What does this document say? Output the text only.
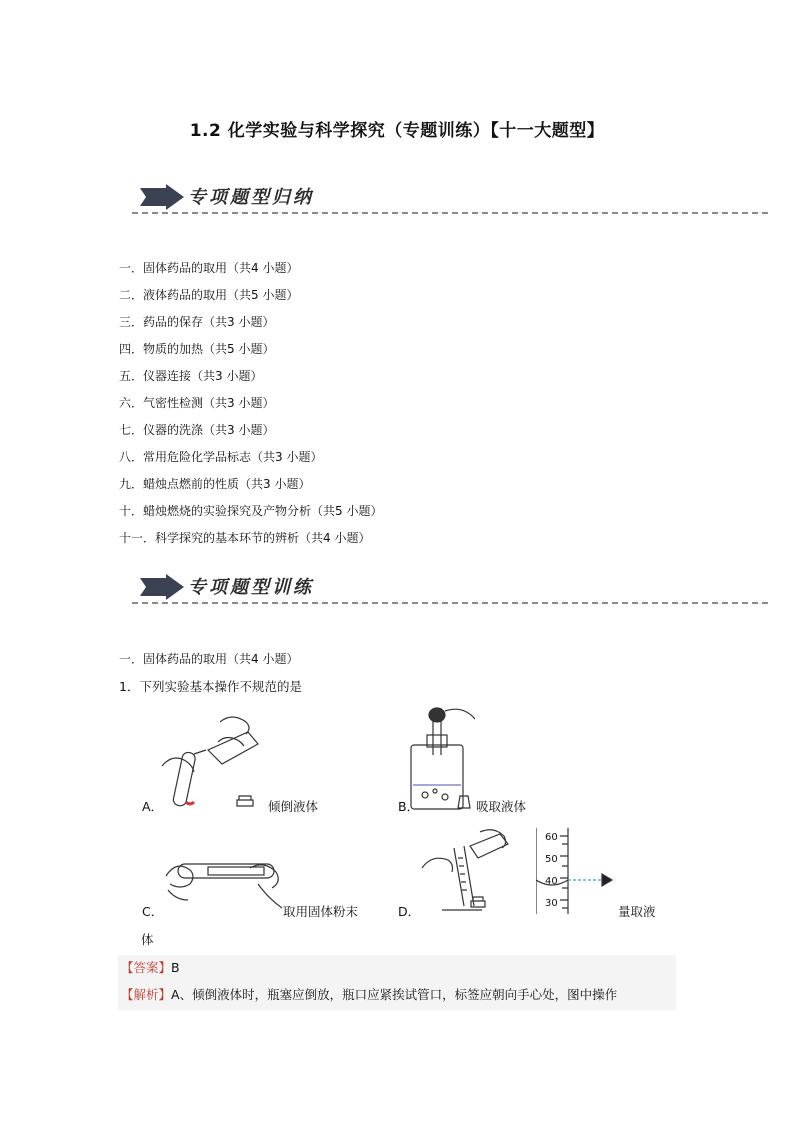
1.2 化学实验与科学探究（专题训练）【十一大题型】
专项题型归纳
一．固体药品的取用（共4 小题）
二．液体药品的取用（共5 小题）
三．药品的保存（共3 小题）
四．物质的加热（共5 小题）
五．仪器连接（共3 小题）
六．气密性检测（共3 小题）
七．仪器的洗涤（共3 小题）
八．常用危险化学品标志（共3 小题）
九．蜡烛点燃前的性质（共3 小题）
十．蜡烛燃烧的实验探究及产物分析（共5 小题）
十一．科学探究的基本环节的辨析（共4 小题）
专项题型训练
一．固体药品的取用（共4 小题）
1．下列实验基本操作不规范的是
A．	倾倒液体	B．	吸取液体
C．	取用固体粉末
体
D．
60
50
40
30
量取液
【答案】B
【解析】A、倾倒液体时，瓶塞应倒放，瓶口应紧挨试管口，标签应朝向手心处，图中操作
